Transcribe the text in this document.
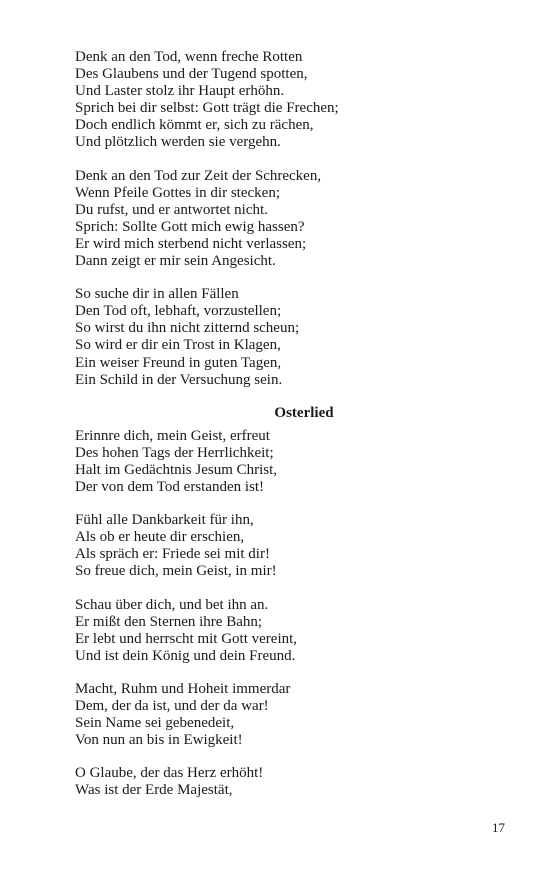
Denk an den Tod, wenn freche Rotten
Des Glaubens und der Tugend spotten,
Und Laster stolz ihr Haupt erhöhn.
Sprich bei dir selbst: Gott trägt die Frechen;
Doch endlich kömmt er, sich zu rächen,
Und plötzlich werden sie vergehn.
Denk an den Tod zur Zeit der Schrecken,
Wenn Pfeile Gottes in dir stecken;
Du rufst, und er antwortet nicht.
Sprich: Sollte Gott mich ewig hassen?
Er wird mich sterbend nicht verlassen;
Dann zeigt er mir sein Angesicht.
So suche dir in allen Fällen
Den Tod oft, lebhaft, vorzustellen;
So wirst du ihn nicht zitternd scheun;
So wird er dir ein Trost in Klagen,
Ein weiser Freund in guten Tagen,
Ein Schild in der Versuchung sein.
Osterlied
Erinnre dich, mein Geist, erfreut
Des hohen Tags der Herrlichkeit;
Halt im Gedächtnis Jesum Christ,
Der von dem Tod erstanden ist!
Fühl alle Dankbarkeit für ihn,
Als ob er heute dir erschien,
Als spräch er: Friede sei mit dir!
So freue dich, mein Geist, in mir!
Schau über dich, und bet ihn an.
Er mißt den Sternen ihre Bahn;
Er lebt und herrscht mit Gott vereint,
Und ist dein König und dein Freund.
Macht, Ruhm und Hoheit immerdar
Dem, der da ist, und der da war!
Sein Name sei gebenedeit,
Von nun an bis in Ewigkeit!
O Glaube, der das Herz erhöht!
Was ist der Erde Majestät,
17
